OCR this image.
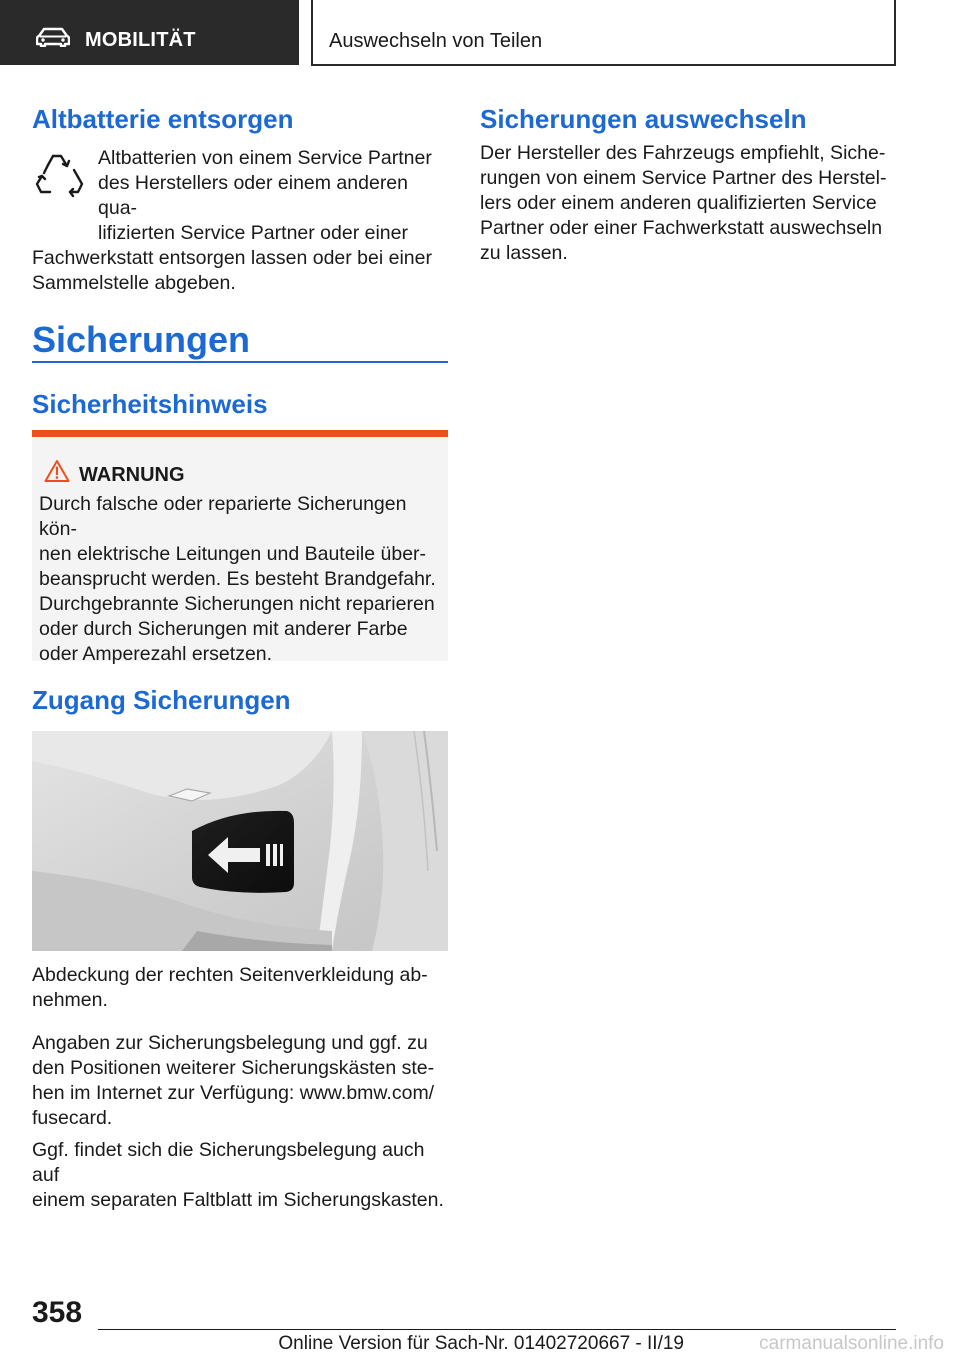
MOBILITÄT	Auswechseln von Teilen
Altbatterie entsorgen
Altbatterien von einem Service Partner
des Herstellers oder einem anderen qua-
lifizierten Service Partner oder einer
Fachwerkstatt entsorgen lassen oder bei einer
Sammelstelle abgeben.
Sicherungen
Sicherheitshinweis
WARNUNG
Durch falsche oder reparierte Sicherungen kön-
nen elektrische Leitungen und Bauteile über-
beansprucht werden. Es besteht Brandgefahr.
Durchgebrannte Sicherungen nicht reparieren
oder durch Sicherungen mit anderer Farbe
oder Amperezahl ersetzen.
Zugang Sicherungen
Abdeckung der rechten Seitenverkleidung ab-
nehmen.
Angaben zur Sicherungsbelegung und ggf. zu
den Positionen weiterer Sicherungskästen ste-
hen im Internet zur Verfügung: www.bmw.com/
fusecard.
Ggf. findet sich die Sicherungsbelegung auch auf
einem separaten Faltblatt im Sicherungskasten.
Sicherungen auswechseln
Der Hersteller des Fahrzeugs empfiehlt, Siche-
rungen von einem Service Partner des Herstel-
lers oder einem anderen qualifizierten Service
Partner oder einer Fachwerkstatt auswechseln
zu lassen.
358
Online Version für Sach-Nr. 01402720667 - II/19	carmanualsonline.info
